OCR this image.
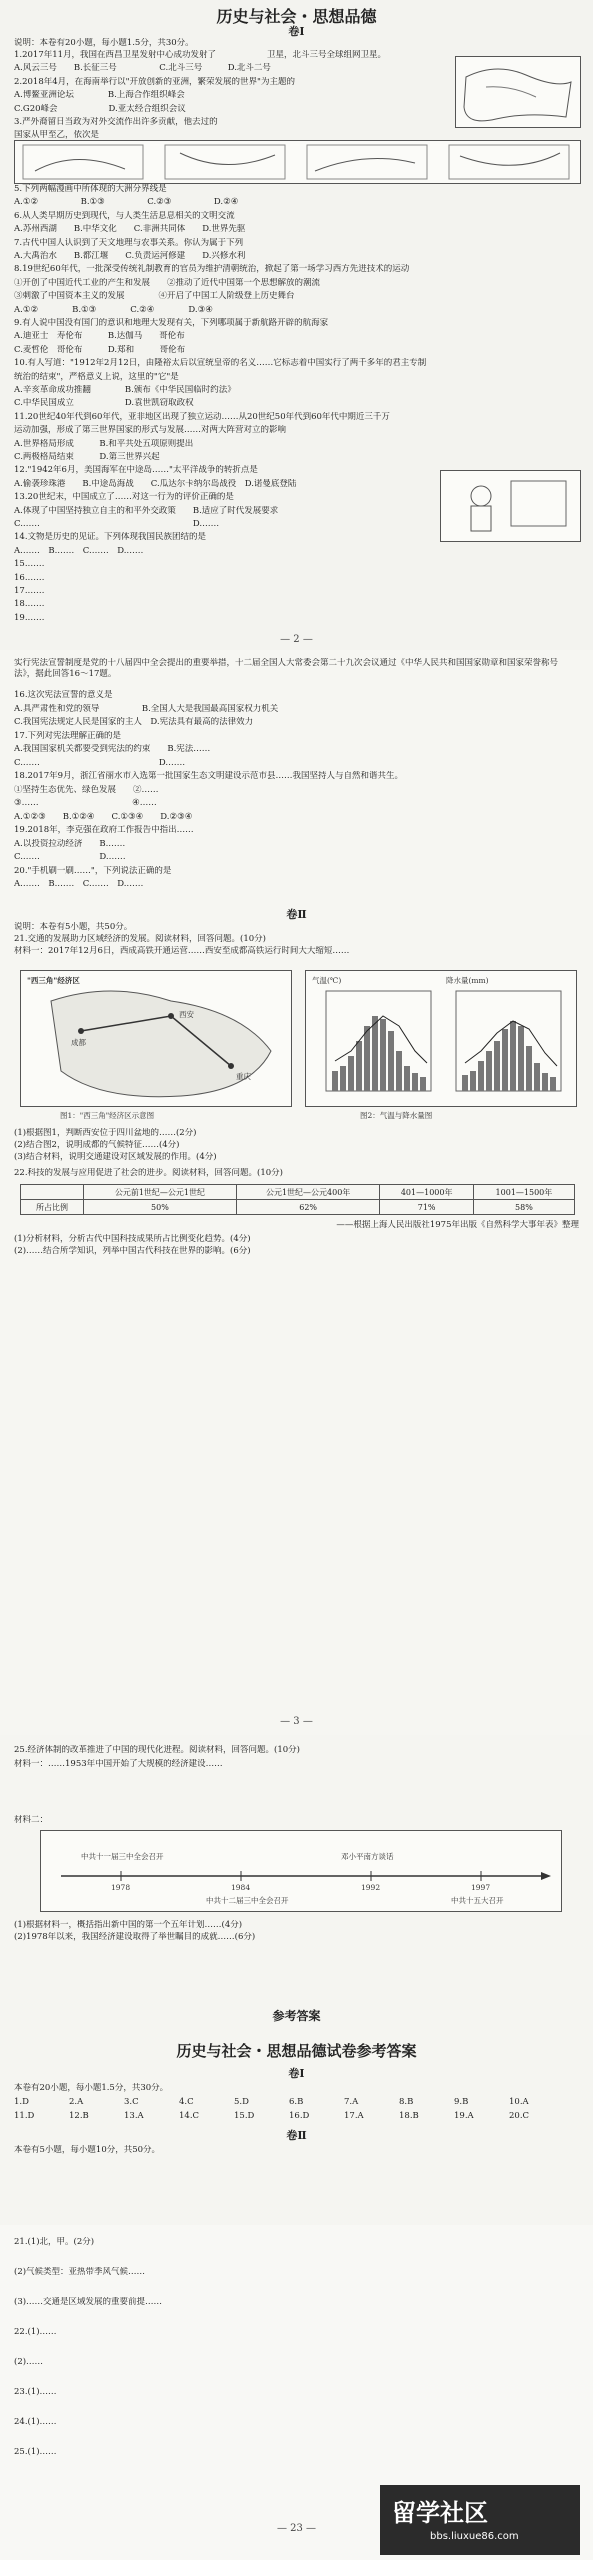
历史与社会・思想品德
卷Ⅰ
说明：本卷有20小题，每小题1.5分，共30分。
1.2017年11月，我国在西昌卫星发射中心成功发射了　　　　　　卫星，北斗三号全球组网卫星。
A.风云三号　　B.长征三号　　　　　C.北斗三号　　　D.北斗二号
2.2018年4月，在海南举行以"开放创新的亚洲，繁荣发展的世界"为主题的
A.博鳌亚洲论坛　　　　B.上海合作组织峰会
C.G20峰会　　　　　　D.亚太经合组织会议
3.严外裔留日当政为对外交流作出许多贡献，他去过的
国家从甲至乙，依次是
5.下列两幅漫画中所体现的大洲分界线是
A.①②　　　　　B.①③　　　　　C.②③　　　　　D.②④
6.从人类早期历史到现代，与人类生活息息相关的文明交流
A.苏州西湖　　B.中华文化　　C.非洲共同体　　D.世界先驱
7.古代中国人认识到了天文地理与农事关系。你认为属于下列
A.大禹治水　　B.都江堰　　C.负责运河修建　　D.兴修水利
8.19世纪60年代，一批深受传统礼制教育的官员为维护清朝统治，掀起了第一场学习西方先进技术的运动
①开创了中国近代工业的产生和发展　　②推动了近代中国第一个思想解放的潮流
③刺激了中国资本主义的发展　　　　④开启了中国工人阶级登上历史舞台
A.①②　　　　B.①③　　　　C.②④　　　　D.③④
9.有人说中国没有国门的意识和地理大发现有关，下列哪项属于新航路开辟的航海家
A.迪亚士　寿伦布　　　B.达伽马　　哥伦布
C.麦哲伦　哥伦布　　　D.郑和　　　哥伦布
10.有人写道："1912年2月12日，由隆裕太后以宣统皇帝的名义……它标志着中国实行了两千多年的君主专制
统治的结束"，严格意义上说，这里的"它"是
A.辛亥革命成功推翻　　　　B.颁布《中华民国临时约法》
C.中华民国成立　　　　　　D.袁世凯窃取政权
11.20世纪40年代到60年代，亚非地区出现了独立运动……从20世纪50年代到60年代中期近三千万
运动加强，形成了第三世界国家的形式与发展……对两大阵营对立的影响
A.世界格局形成　　　B.和平共处五项原则提出
C.两极格局结束　　　D.第三世界兴起
12."1942年6月，美国海军在中途岛……"太平洋战争的转折点是
A.偷袭珍珠港　　B.中途岛海战　　C.瓜达尔卡纳尔岛战役　D.诺曼底登陆
13.20世纪末，中国成立了……对这一行为的评价正确的是
A.体现了中国坚持独立自主的和平外交政策　　B.适应了时代发展要求
C.……　　　　　　　　　　　　　　　　　　D.……
14.文物是历史的见证。下列体现我国民族团结的是
A.……　B.……　C.……　D.……
15.……
16.……
17.……
18.……
19.……
— 2 —
实行宪法宣誓制度是党的十八届四中全会提出的重要举措，十二届全国人大常委会第二十九次会议通过《中华人民共和国国家勋章和国家荣誉称号法》，据此回答16～17题。
16.这次宪法宣誓的意义是
A.具严肃性和党的领导　　　　　B.全国人大是我国最高国家权力机关
C.我国宪法规定人民是国家的主人　D.宪法具有最高的法律效力
17.下列对宪法理解正确的是
A.我国国家机关都要受到宪法的约束　　B.宪法……
C.……　　　　　　　　　　　　　　D.……
18.2017年9月，浙江省丽水市入选第一批国家生态文明建设示范市县……我国坚持人与自然和谐共生。
①坚持生态优先、绿色发展　　②……
③……　　　　　　　　　　　④……
A.①②③　　B.①②④　　C.①③④　　D.②③④
19.2018年，李克强在政府工作报告中指出……
A.以投资拉动经济　　B.……
C.……　　　　　　　D.……
20."手机刷一刷……"，下列说法正确的是
A.……　B.……　C.……　D.……
卷Ⅱ
说明：本卷有5小题，共50分。
21.交通的发展助力区域经济的发展。阅读材料，回答问题。(10分)
材料一：2017年12月6日，西成高铁开通运营……西安至成都高铁运行时间大大缩短……
"西三角"经济区
西安
成都
重庆
气温(℃)	降水量(mm)
图1："西三角"经济区示意图	图2：气温与降水量图
(1)根据图1，判断西安位于四川盆地的……(2分)
(2)结合图2，说明成都的气候特征……(4分)
(3)结合材料，说明交通建设对区域发展的作用。(4分)
22.科技的发展与应用促进了社会的进步。阅读材料，回答问题。(10分)
	公元前1世纪—公元1世纪	公元1世纪—公元400年	401—1000年	1001—1500年
所占比例	50%	62%	71%	58%
——根据上海人民出版社1975年出版《自然科学大事年表》整理
(1)分析材料，分析古代中国科技成果所占比例变化趋势。(4分)
(2)……结合所学知识，列举中国古代科技在世界的影响。(6分)
— 3 —
25.经济体制的改革推进了中国的现代化进程。阅读材料，回答问题。(10分)
材料一：……1953年中国开始了大规模的经济建设……
材料二：
1978	1984	1992	1997
中共十一届三中全会召开
中共十二届三中全会召开
邓小平南方谈话
中共十五大召开
(1)根据材料一，概括指出新中国的第一个五年计划……(4分)
(2)1978年以来，我国经济建设取得了举世瞩目的成就……(6分)
参考答案
历史与社会・思想品德试卷参考答案
卷Ⅰ
本卷有20小题，每小题1.5分，共30分。
1.D	2.A	3.C	4.C	5.D	6.B	7.A	8.B	9.B	10.A
11.D	12.B	13.A	14.C	15.D	16.D	17.A	18.B	19.A	20.C
卷Ⅱ
本卷有5小题，每小题10分，共50分。
21.(1)北，甲。(2分)
(2)气候类型：亚热带季风气候……
(3)……交通是区域发展的重要前提……
22.(1)……
(2)……
23.(1)……
24.(1)……
25.(1)……
— 23 —
留学社区
bbs.liuxue86.com
